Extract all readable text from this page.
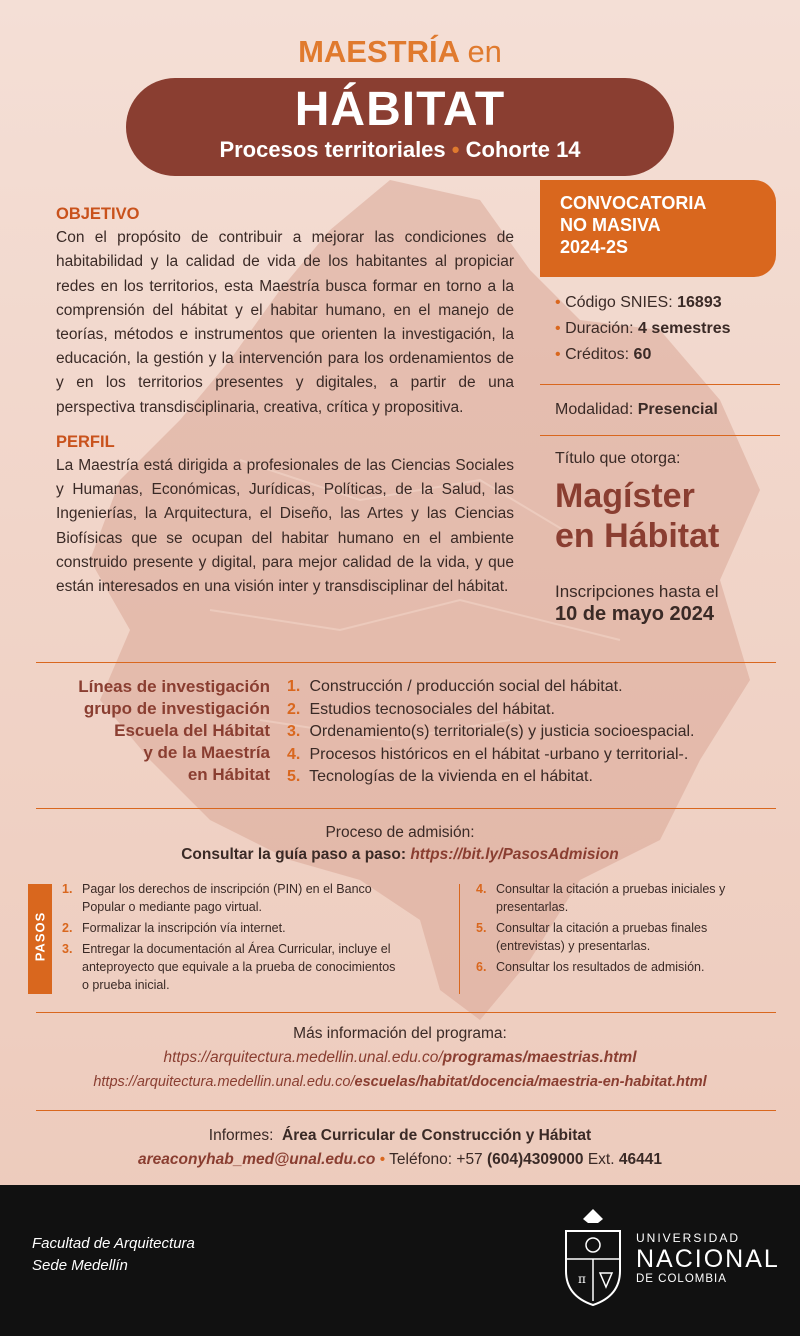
MAESTRÍA en
HÁBITAT
Procesos territoriales • Cohorte 14
CONVOCATORIA
NO MASIVA
2024-2S
OBJETIVO

Con el propósito de contribuir a mejorar las condiciones de habitabilidad y la calidad de vida de los habitantes al propiciar redes en los territorios, esta Maestría busca formar en torno a la comprensión del hábitat y el habitar humano, en el manejo de teorías, métodos e instrumentos que orienten la investigación, la educación, la gestión y la intervención para los ordenamientos de y en los territorios presentes y digitales, a partir de una perspectiva transdisciplinaria, creativa, crítica y propositiva.

PERFIL

La Maestría está dirigida a profesionales de las Ciencias Sociales y Humanas, Económicas, Jurídicas, Políticas, de la Salud, las Ingenierías, la Arquitectura, el Diseño, las Artes y las Ciencias Biofísicas que se ocupan del habitar humano en el ambiente construido presente y digital, para mejor calidad de la vida, y que están interesados en una visión inter y transdisciplinar del hábitat.

• Código SNIES: 16893
• Duración: 4 semestres
• Créditos: 60
Modalidad: Presencial
Título que otorga:
Magíster
en Hábitat
Inscripciones hasta el
10 de mayo 2024
Líneas de investigación
grupo de investigación
Escuela del Hábitat
y de la Maestría
en Hábitat
1. Construcción / producción social del hábitat.
2. Estudios tecnosociales del hábitat.
3. Ordenamiento(s) territoriale(s) y justicia socioespacial.
4. Procesos históricos en el hábitat -urbano y territorial-.
5. Tecnologías de la vivienda en el hábitat.
Proceso de admisión:
Consultar la guía paso a paso: https://bit.ly/PasosAdmision
PASOS
1. Pagar los derechos de inscripción (PIN) en el Banco Popular o mediante pago virtual.
2. Formalizar la inscripción vía internet.
3. Entregar la documentación al Área Curricular, incluye el anteproyecto que equivale a la prueba de conocimientos o prueba inicial.
4. Consultar la citación a pruebas iniciales y presentarlas.
5. Consultar la citación a pruebas finales (entrevistas) y presentarlas.
6. Consultar los resultados de admisión.
Más información del programa:
https://arquitectura.medellin.unal.edu.co/programas/maestrias.html
https://arquitectura.medellin.unal.edu.co/escuelas/habitat/docencia/maestria-en-habitat.html
Informes: Área Curricular de Construcción y Hábitat
areaconyhab_med@unal.edu.co • Teléfono: +57 (604)4309000 Ext. 46441
Facultad de Arquitectura
Sede Medellín
π
UNIVERSIDAD
NACIONAL
DE COLOMBIA
